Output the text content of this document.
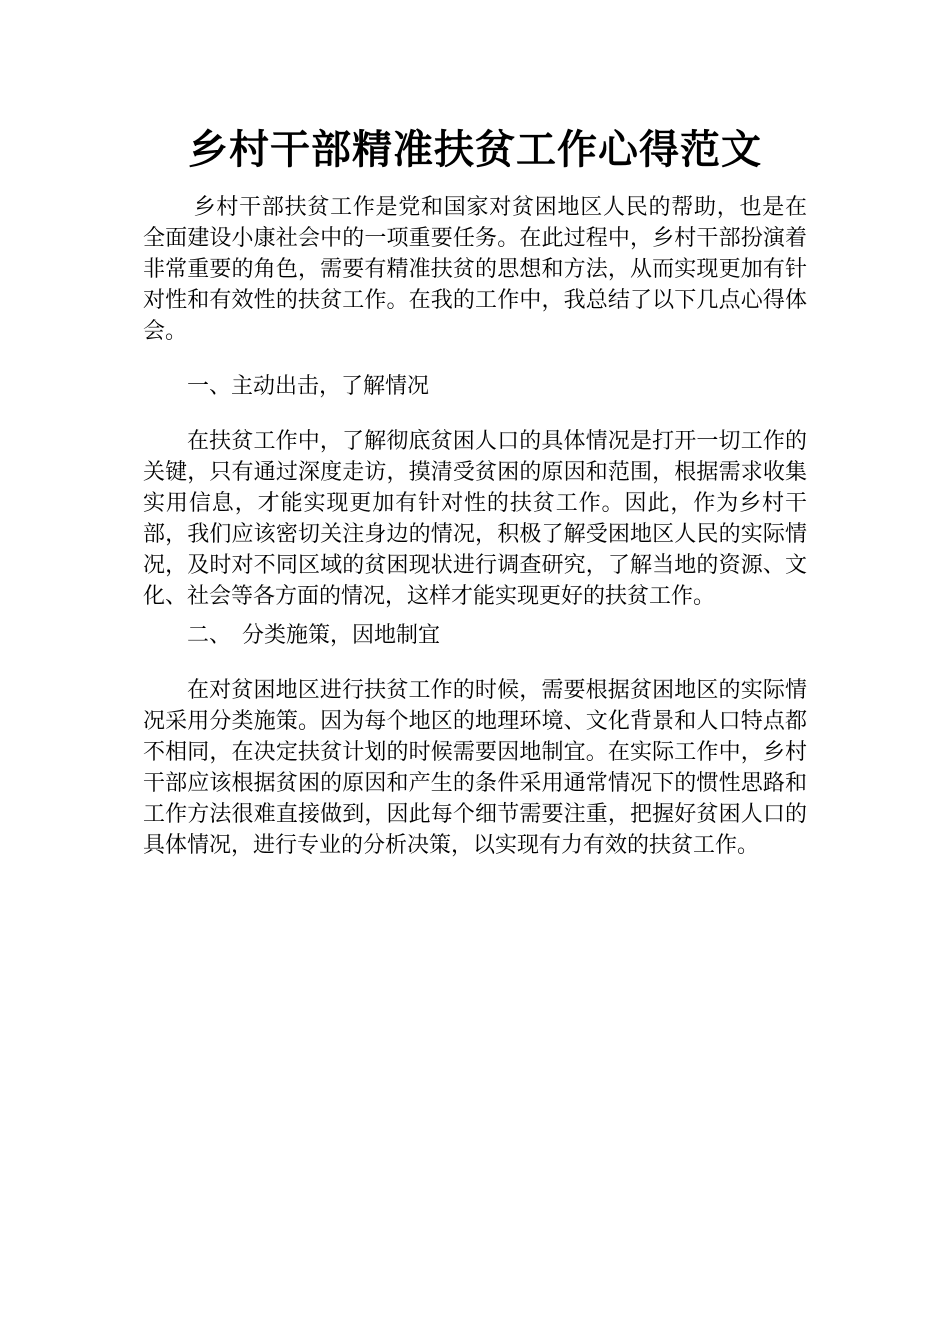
乡村干部精准扶贫工作心得范文

乡村干部扶贫工作是党和国家对贫困地区人民的帮助，也是在全面建设小康社会中的一项重要任务。在此过程中，乡村干部扮演着非常重要的角色，需要有精准扶贫的思想和方法，从而实现更加有针对性和有效性的扶贫工作。在我的工作中，我总结了以下几点心得体会。

一、主动出击，了解情况

在扶贫工作中，了解彻底贫困人口的具体情况是打开一切工作的关键，只有通过深度走访，摸清受贫困的原因和范围，根据需求收集实用信息，才能实现更加有针对性的扶贫工作。因此，作为乡村干部，我们应该密切关注身边的情况，积极了解受困地区人民的实际情况，及时对不同区域的贫困现状进行调查研究，了解当地的资源、文化、社会等各方面的情况，这样才能实现更好的扶贫工作。

二、　分类施策，因地制宜

在对贫困地区进行扶贫工作的时候，需要根据贫困地区的实际情况采用分类施策。因为每个地区的地理环境、文化背景和人口特点都不相同，在决定扶贫计划的时候需要因地制宜。在实际工作中，乡村干部应该根据贫困的原因和产生的条件采用通常情况下的惯性思路和工作方法很难直接做到，因此每个细节需要注重，把握好贫困人口的具体情况，进行专业的分析决策，以实现有力有效的扶贫工作。
